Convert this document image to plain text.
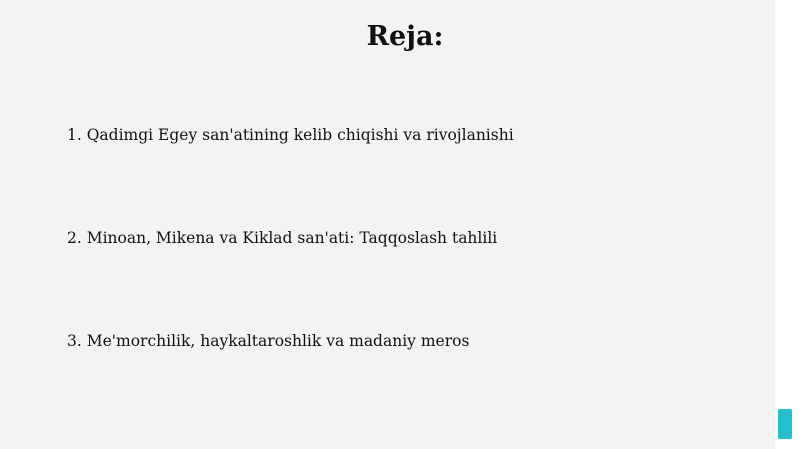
Reja:
1. Qadimgi Egey san'atining kelib chiqishi va rivojlanishi
2. Minoan, Mikena va Kiklad san'ati: Taqqoslash tahlili
3. Me'morchilik, haykaltaroshlik va madaniy meros
